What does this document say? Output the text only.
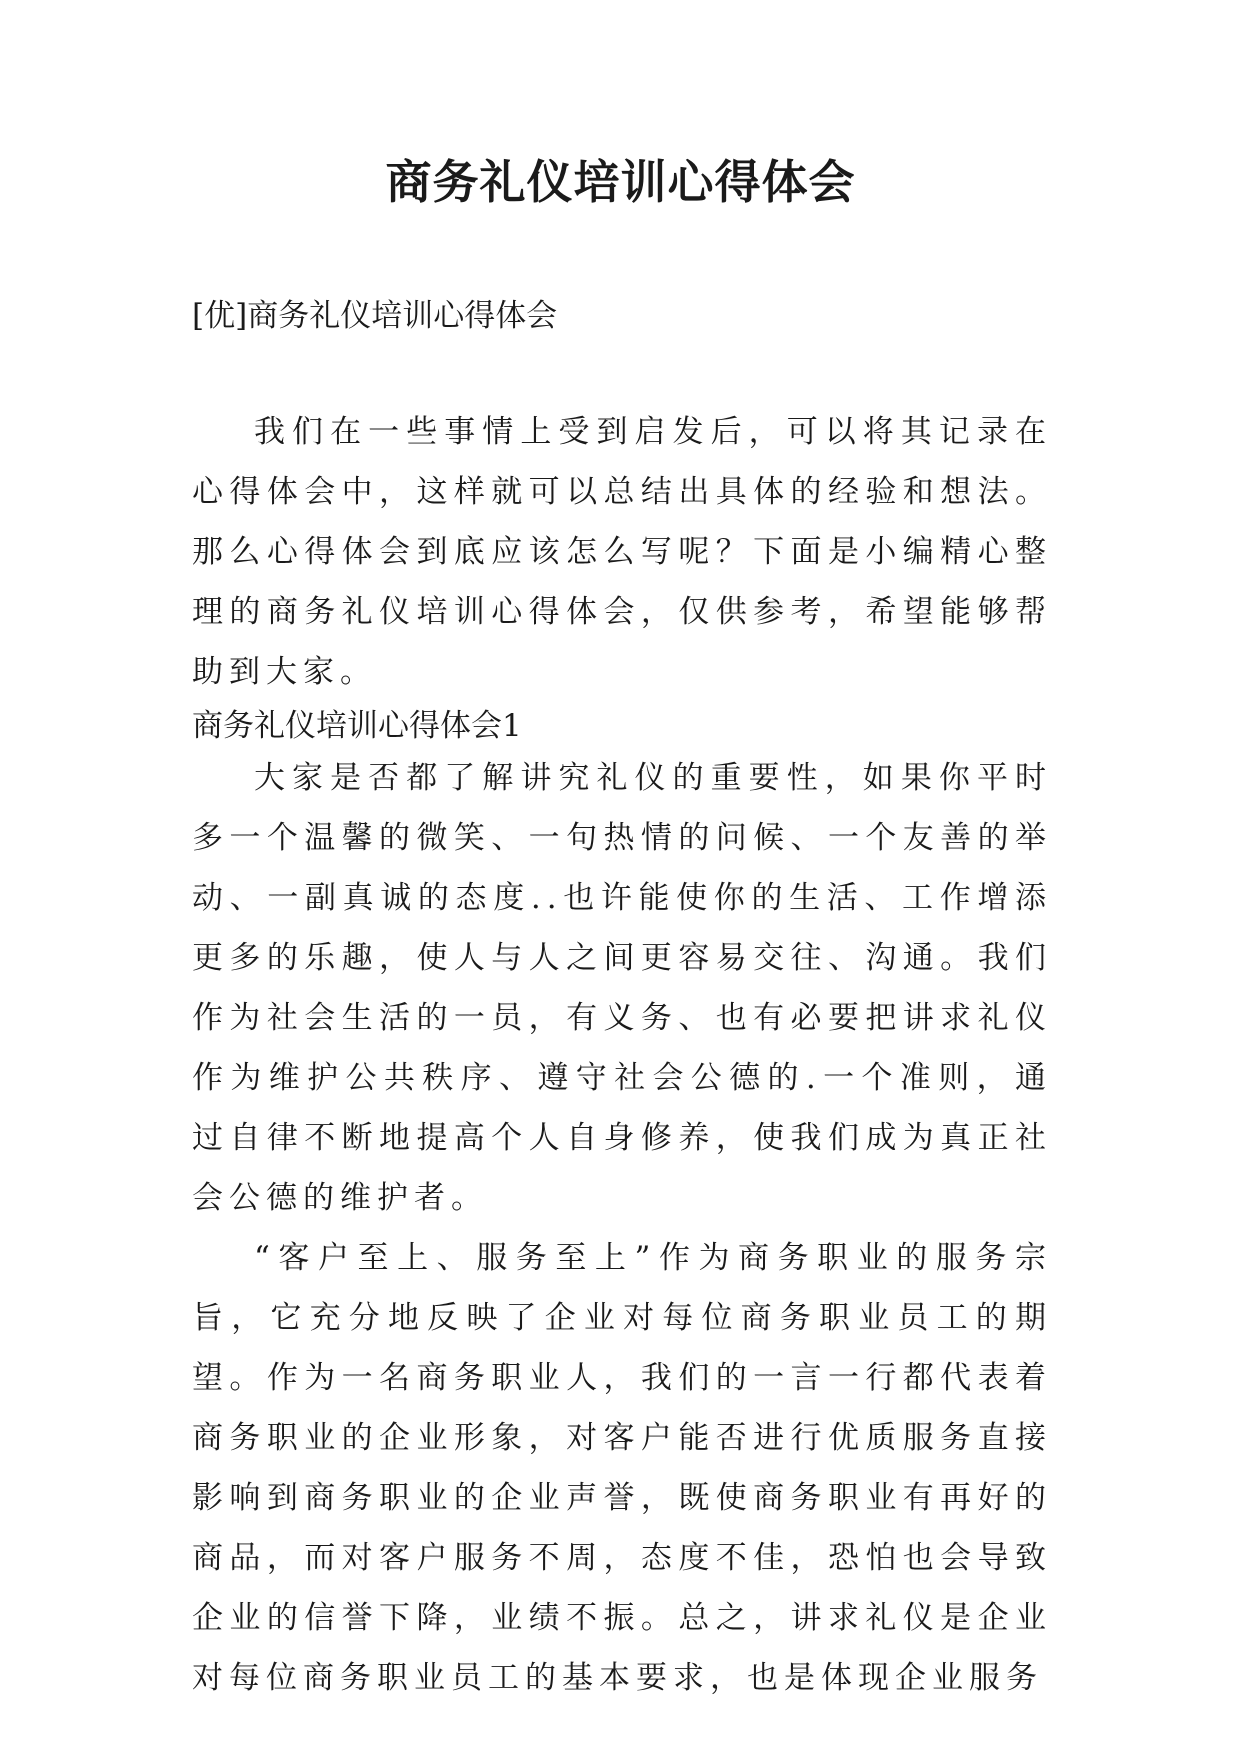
商务礼仪培训心得体会

[优]商务礼仪培训心得体会

我们在一些事情上受到启发后，可以将其记录在心得体会中，这样就可以总结出具体的经验和想法。那么心得体会到底应该怎么写呢？下面是小编精心整理的商务礼仪培训心得体会，仅供参考，希望能够帮助到大家。

商务礼仪培训心得体会1

大家是否都了解讲究礼仪的重要性，如果你平时多一个温馨的微笑、一句热情的问候、一个友善的举动、一副真诚的态度..也许能使你的生活、工作增添更多的乐趣，使人与人之间更容易交往、沟通。我们作为社会生活的一员，有义务、也有必要把讲求礼仪作为维护公共秩序、遵守社会公德的.一个准则，通过自律不断地提高个人自身修养，使我们成为真正社会公德的维护者。

“客户至上、服务至上”作为商务职业的服务宗旨，它充分地反映了企业对每位商务职业员工的期望。作为一名商务职业人，我们的一言一行都代表着商务职业的企业形象，对客户能否进行优质服务直接影响到商务职业的企业声誉，既使商务职业有再好的商品，而对客户服务不周，态度不佳，恐怕也会导致企业的信誉下降，业绩不振。总之，讲求礼仪是企业对每位商务职业员工的基本要求，也是体现企业服务
